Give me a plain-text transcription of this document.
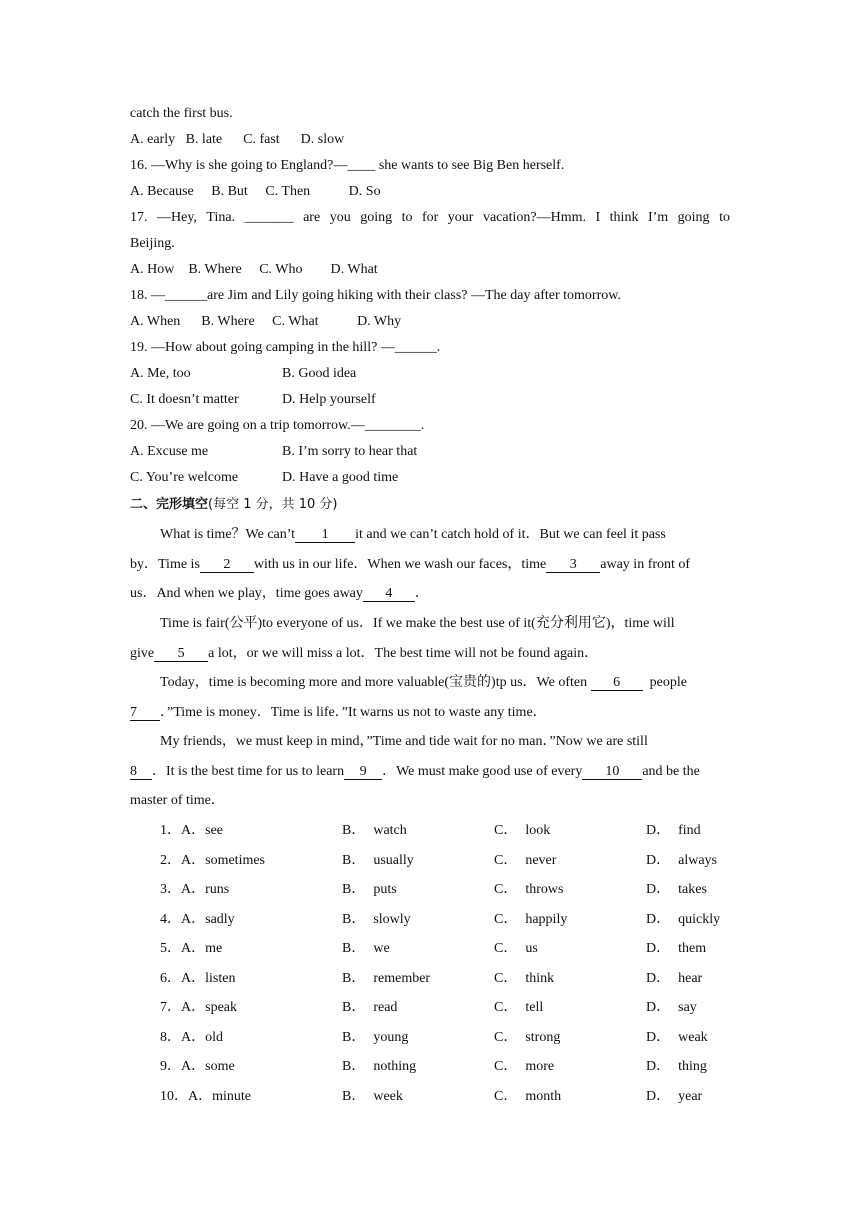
catch the first bus.
A. early   B. late      C. fast      D. slow
16. —Why is she going to England?—____ she wants to see Big Ben herself.
A. Because     B. But     C. Then           D. So
17. —Hey, Tina. _______ are you going to for your vacation?—Hmm. I think I’m going to
Beijing.
A. How    B. Where     C. Who        D. What
18. —______are Jim and Lily going hiking with their class? —The day after tomorrow.
A. When      B. Where     C. What           D. Why
19. —How about going camping in the hill? —______.
A. Me, too	B. Good idea
C. It doesn’t matter	D. Help yourself
20. —We are going on a trip tomorrow.—________.
A. Excuse me	B. I’m sorry to hear that
C. You’re welcome	D. Have a good time
二、完形填空(每空 1 分，共 10 分)
What is time？We can’t 1 it and we can’t catch hold of it．But we can feel it pass
by．Time is 2 with us in our life．When we wash our faces，time 3 away in front of
us．And when we play，time goes away 4 ．
Time is fair(公平)to everyone of us．If we make the best use of it(充分利用它)，time will
give 5 a lot，or we will miss a lot．The best time will not be found again．
Today，time is becoming more and more valuable(宝贵的)tp us．We often 6 people
7 ．”Time is money．Time is life．”It warns us not to waste any time．
My friends，we must keep in mind，”Time and tide wait for no man．”Now we are still
8 ．It is the best time for us to learn 9 ．We must make good use of every 10 and be the
master of time．
1．A．see	B． watch	C． look	D． find
2．A．sometimes	B． usually	C． never	D． always
3．A．runs	B． puts	C． throws	D． takes
4．A．sadly	B． slowly	C． happily	D． quickly
5．A．me	B． we	C． us	D． them
6．A．listen	B． remember	C． think	D． hear
7．A．speak	B． read	C． tell	D． say
8．A．old	B． young	C． strong	D． weak
9．A．some	B． nothing	C． more	D． thing
10．A．minute	B． week	C． month	D． year
